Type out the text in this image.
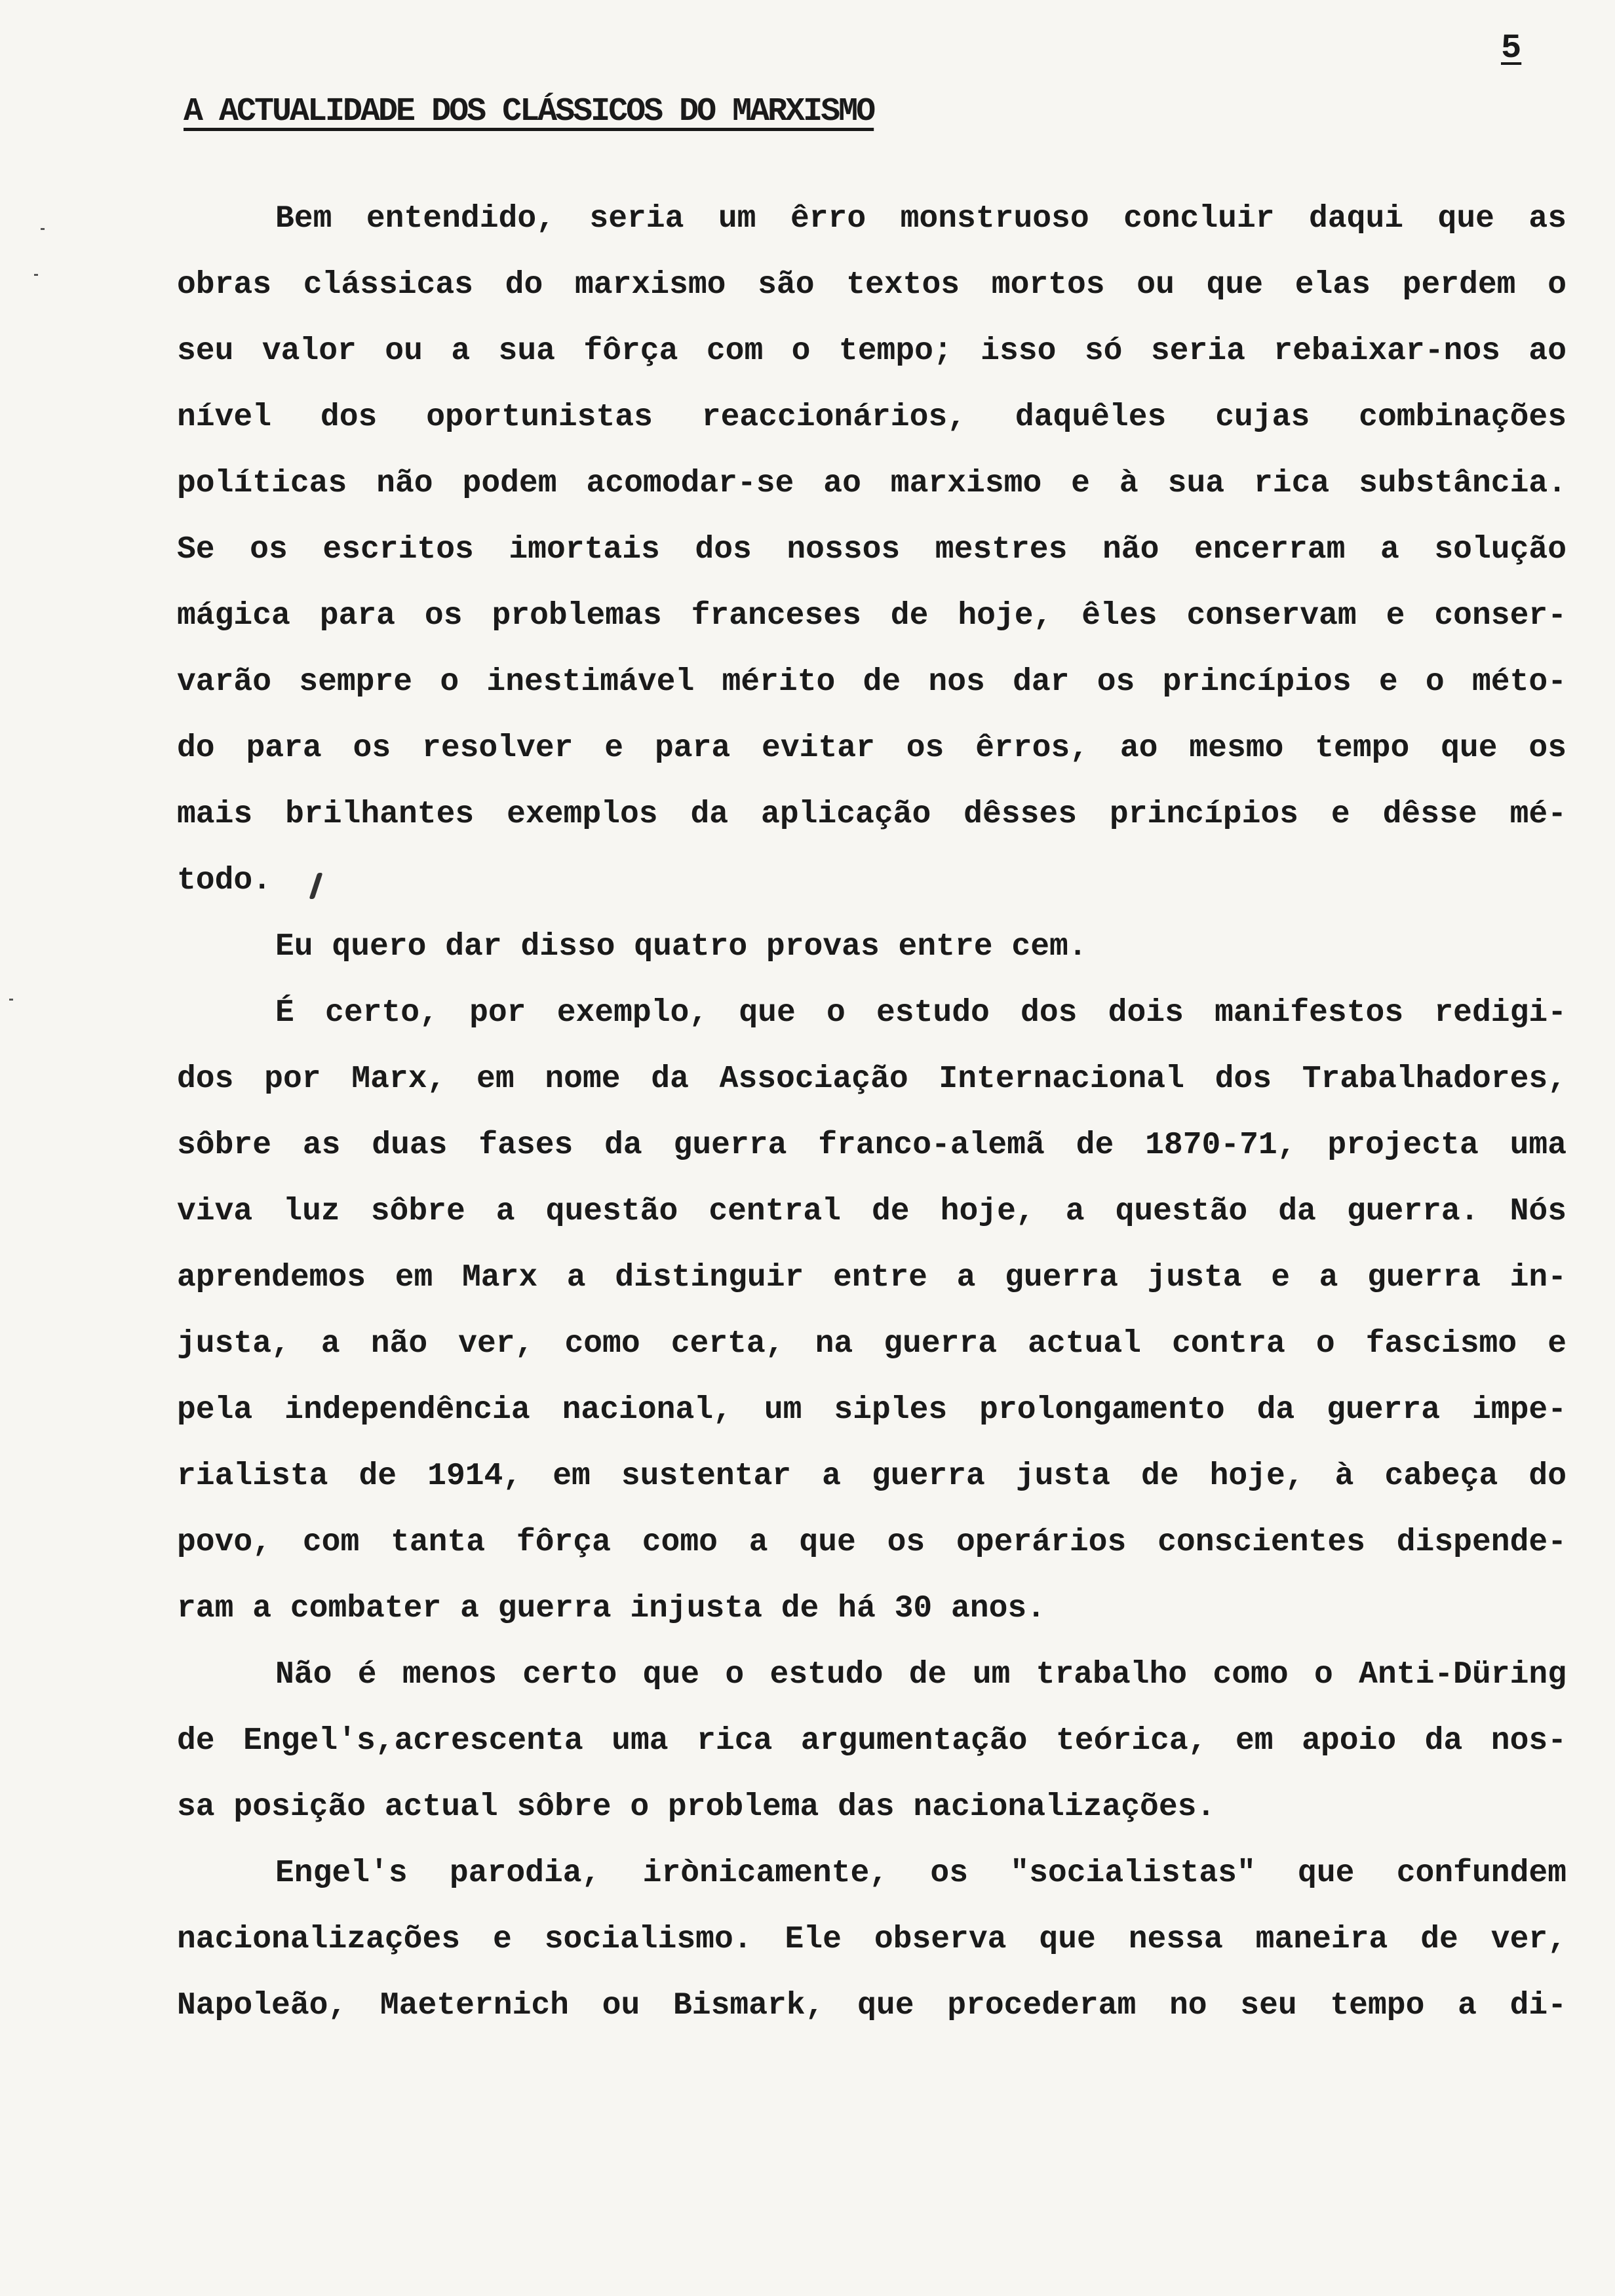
5
A ACTUALIDADE DOS CLÁSSICOS DO MARXISMO
Bem entendido, seria um êrro monstruoso concluir daqui que as
obras clássicas do marxismo são textos mortos ou que elas perdem o
seu valor ou a sua fôrça com o tempo; isso só seria rebaixar-nos ao
nível dos oportunistas reaccionários, daquêles cujas combinações
políticas não podem acomodar-se ao marxismo e à sua rica substância.
Se os escritos imortais dos nossos mestres não encerram a solução
mágica para os problemas franceses de hoje, êles conservam e conser-
varão sempre o inestimável mérito de nos dar os princípios e o méto-
do para os resolver e para evitar os êrros, ao mesmo tempo que os
mais brilhantes exemplos da aplicação dêsses princípios e dêsse mé-
todo.
Eu quero dar disso quatro provas entre cem.
É certo, por exemplo, que o estudo dos dois manifestos redigi-
dos por Marx, em nome da Associação Internacional dos Trabalhadores,
sôbre as duas fases da guerra franco-alemã de 1870-71, projecta uma
viva luz sôbre a questão central de hoje, a questão da guerra. Nós
aprendemos em Marx a distinguir entre a guerra justa e a guerra in-
justa, a não ver, como certa, na guerra actual contra o fascismo e
pela independência nacional, um siples prolongamento da guerra impe-
rialista de 1914, em sustentar a guerra justa de hoje, à cabeça do
povo, com tanta fôrça como a que os operários conscientes dispende-
ram a combater a guerra injusta de há 30 anos.
Não é menos certo que o estudo de um trabalho como o Anti-Düring
de Engel's,acrescenta uma rica argumentação teórica, em apoio da nos-
sa posição actual sôbre o problema das nacionalizações.
Engel's parodia, irònicamente, os "socialistas" que confundem
nacionalizações e socialismo. Ele observa que nessa maneira de ver,
Napoleão, Maeternich ou Bismark, que procederam no seu tempo a di-
